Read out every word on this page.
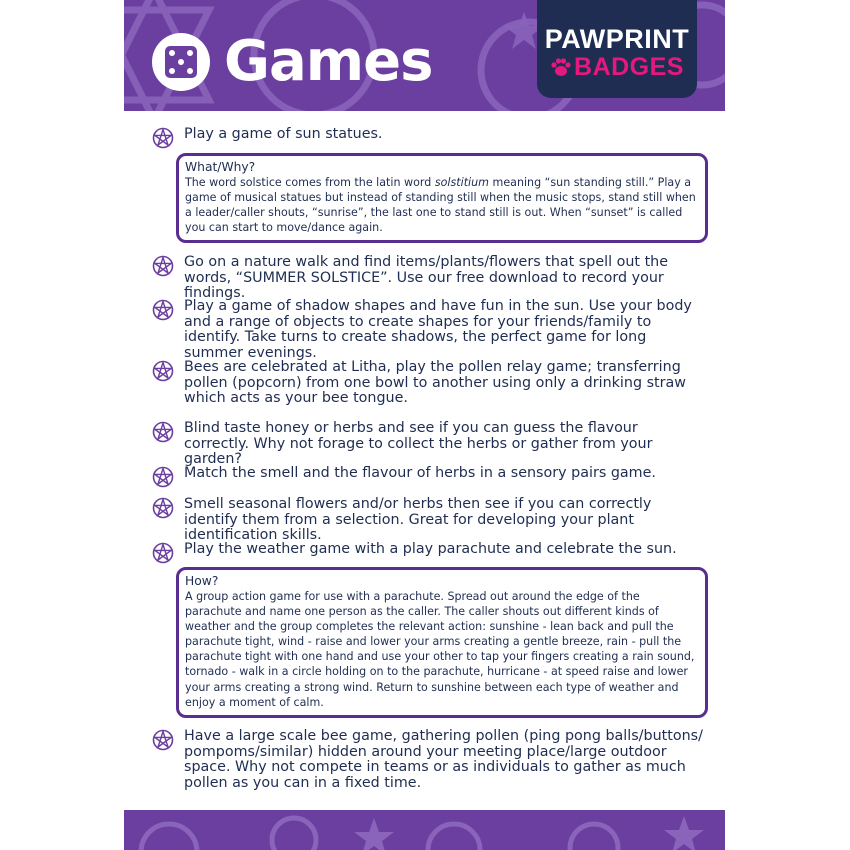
Games	PAWPRINT
BADGES
Play a game of sun statues.
What/Why?
The word solstice comes from the latin word solstitium meaning “sun standing still.” Play a game of musical statues but instead of standing still when the music stops, stand still when a leader/caller shouts, “sunrise”, the last one to stand still is out. When “sunset” is called you can start to move/dance again.
Go on a nature walk and find items/plants/flowers that spell out the words, “SUMMER SOLSTICE”. Use our free download to record your findings.
Play a game of shadow shapes and have fun in the sun. Use your body and a range of objects to create shapes for your friends/family to identify. Take turns to create shadows, the perfect game for long summer evenings.
Bees are celebrated at Litha, play the pollen relay game; transferring pollen (popcorn) from one bowl to another using only a drinking straw which acts as your bee tongue.
Blind taste honey or herbs and see if you can guess the flavour correctly. Why not forage to collect the herbs or gather from your garden?
Match the smell and the flavour of herbs in a sensory pairs game.
Smell seasonal flowers and/or herbs then see if you can correctly identify them from a selection. Great for developing your plant identification skills.
Play the weather game with a play parachute and celebrate the sun.
How?
A group action game for use with a parachute. Spread out around the edge of the parachute and name one person as the caller. The caller shouts out different kinds of weather and the group completes the relevant action: sunshine - lean back and pull the parachute tight, wind - raise and lower your arms creating a gentle breeze, rain - pull the parachute tight with one hand and use your other to tap your fingers creating a rain sound, tornado - walk in a circle holding on to the parachute, hurricane - at speed raise and lower your arms creating a strong wind. Return to sunshine between each type of weather and enjoy a moment of calm.
Have a large scale bee game, gathering pollen (ping pong balls/buttons/ pompoms/similar) hidden around your meeting place/large outdoor space. Why not compete in teams or as individuals to gather as much pollen as you can in a fixed time.
